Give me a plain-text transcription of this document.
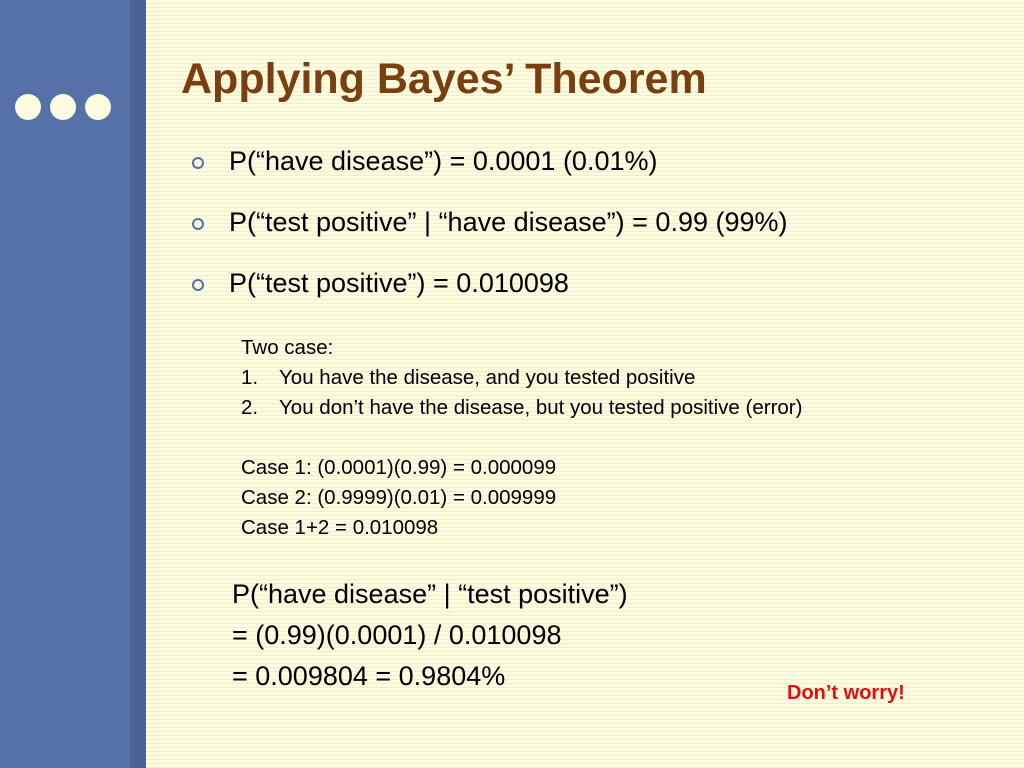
Applying Bayes’ Theorem
P(“have disease”) = 0.0001 (0.01%)
P(“test positive” | “have disease”) = 0.99 (99%)
P(“test positive”) = 0.010098
Two case:
1. You have the disease, and you tested positive
2. You don’t have the disease, but you tested positive (error)
Case 1: (0.0001)(0.99) = 0.000099
Case 2: (0.9999)(0.01) = 0.009999
Case 1+2 = 0.010098
P(“have disease” | “test positive”)
= (0.99)(0.0001) / 0.010098
= 0.009804 = 0.9804%
Don’t worry!
